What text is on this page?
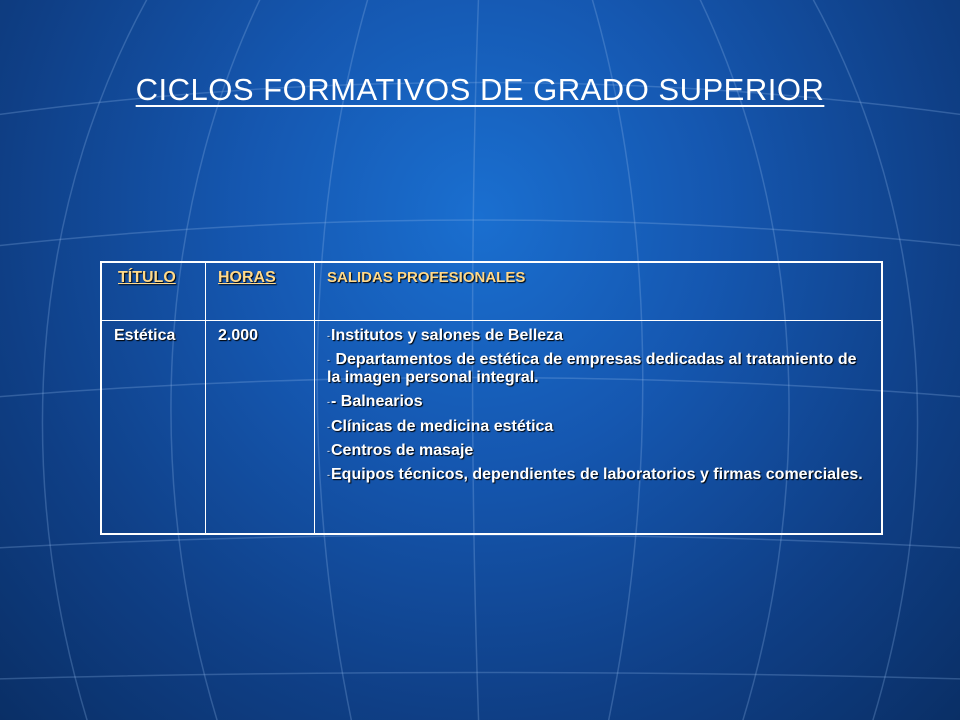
CICLOS FORMATIVOS DE GRADO SUPERIOR
TÍTULO	HORAS	SALIDAS PROFESIONALES
Estética	2.000	-Institutos y salones de Belleza
- Departamentos de estética de empresas dedicadas al tratamiento de la imagen personal integral.
-- Balnearios
-Clínicas de medicina estética
-Centros de masaje
-Equipos técnicos, dependientes de laboratorios y firmas comerciales.
